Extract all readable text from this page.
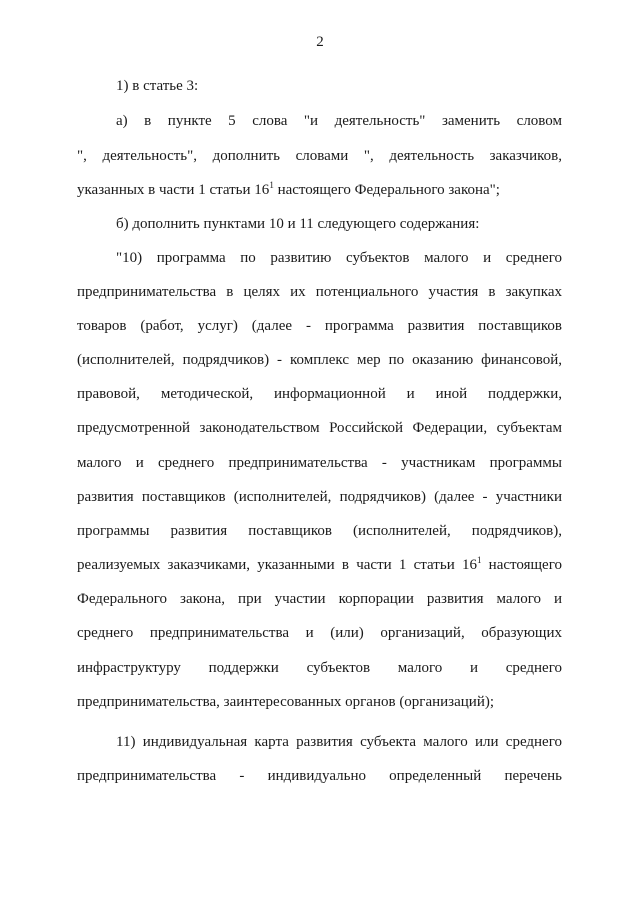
2
1) в статье 3:
а) в пункте 5 слова "и деятельность" заменить словом
", деятельность", дополнить словами ", деятельность заказчиков,
указанных в части 1 статьи $16^1$ настоящего Федерального закона";
б) дополнить пунктами 10 и 11 следующего содержания:
"10) программа по развитию субъектов малого и среднего
предпринимательства в целях их потенциального участия в закупках
товаров (работ, услуг) (далее - программа развития поставщиков
(исполнителей, подрядчиков) - комплекс мер по оказанию финансовой,
правовой, методической, информационной и иной поддержки,
предусмотренной законодательством Российской Федерации, субъектам
малого и среднего предпринимательства - участникам программы
развития поставщиков (исполнителей, подрядчиков) (далее - участники
программы развития поставщиков (исполнителей, подрядчиков),
реализуемых заказчиками, указанными в части 1 статьи $16^1$ настоящего
Федерального закона, при участии корпорации развития малого и
среднего предпринимательства и (или) организаций, образующих
инфраструктуру поддержки субъектов малого и среднего
предпринимательства, заинтересованных органов (организаций);
11) индивидуальная карта развития субъекта малого или среднего
предпринимательства - индивидуально определенный перечень
